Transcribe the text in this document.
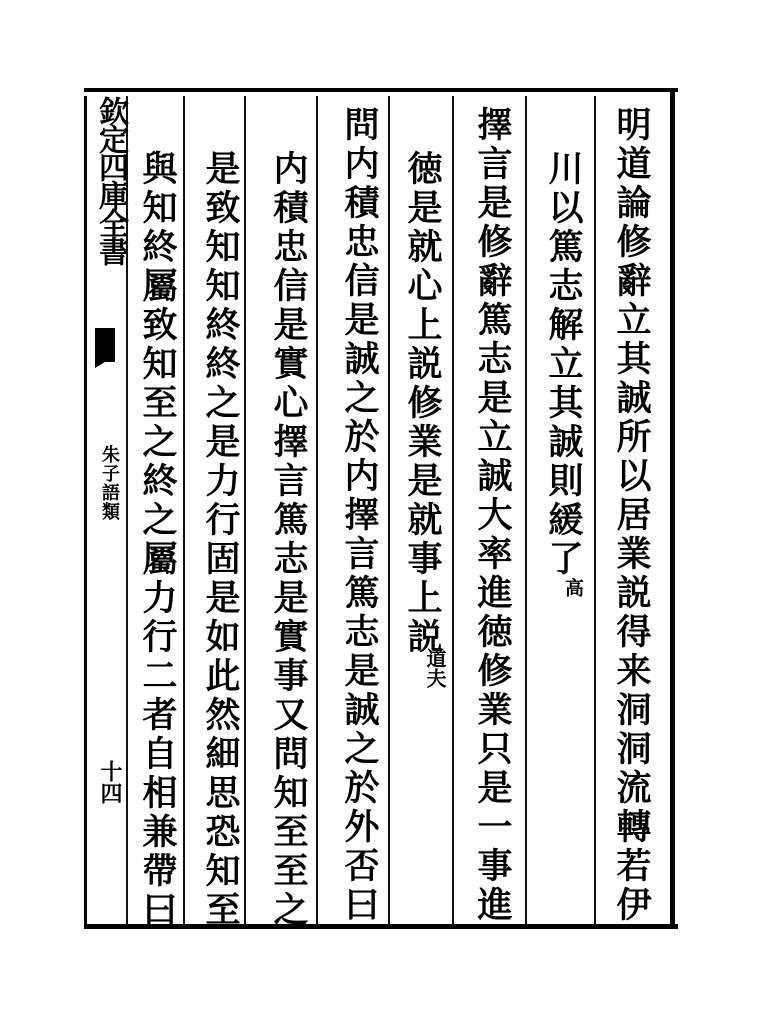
欽定四庫全書
朱子語類
十四	明道論修辭立其誠所以居業説得来洞洞流轉若伊
川以篤志解立其誠則緩了
高
擇言是修辭篤志是立誠大率進徳修業只是一事進
徳是就心上説修業是就事上説
道夫
問内積忠信是誠之於内擇言篤志是誠之於外否曰
内積忠信是實心擇言篤志是實事又問知至至之
是致知知終終之是力行固是如此然細思恐知至
與知終屬致知至之終之屬力行二者自相兼帶曰
